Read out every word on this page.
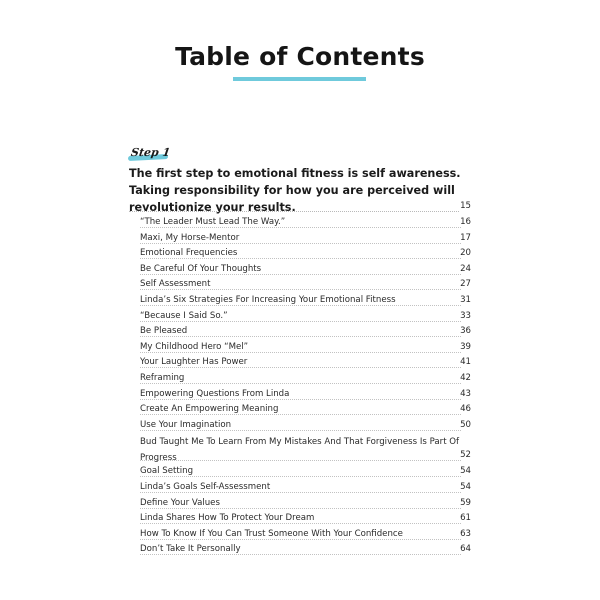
Table of Contents
Step 1
The first step to emotional fitness is self awareness. Taking responsibility for how you are perceived will revolutionize your results.	15
“The Leader Must Lead The Way.”	16
Maxi, My Horse-Mentor	17
Emotional Frequencies	20
Be Careful Of Your Thoughts	24
Self Assessment	27
Linda’s Six Strategies For Increasing Your Emotional Fitness	31
“Because I Said So.”	33
Be Pleased	36
My Childhood Hero “Mel”	39
Your Laughter Has Power	41
Reframing	42
Empowering Questions From Linda	43
Create An Empowering Meaning	46
Use Your Imagination	50
Bud Taught Me To Learn From My Mistakes And That Forgiveness Is Part Of Progress	52
Goal Setting	54
Linda’s Goals Self-Assessment	54
Define Your Values	59
Linda Shares How To Protect Your Dream	61
How To Know If You Can Trust Someone With Your Confidence	63
Don’t Take It Personally	64
